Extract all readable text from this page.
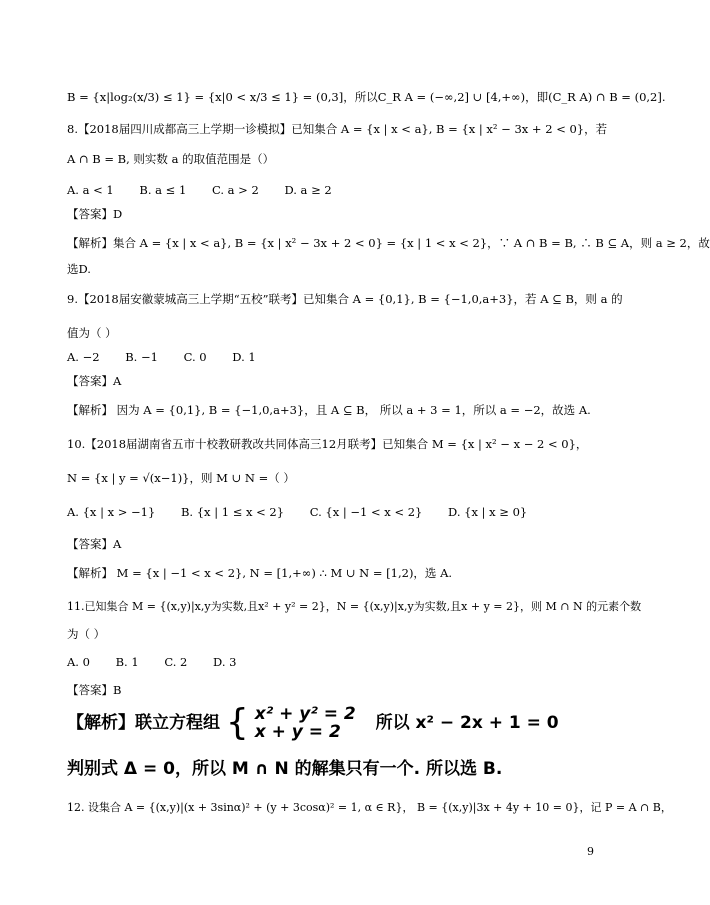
B = {x|log₂(x/3) ≤ 1} = {x|0 < x/3 ≤ 1} = (0,3]，所以C_R A = (−∞,2] ∪ [4,+∞)，即(C_R A) ∩ B = (0,2].
8.【2018届四川成都高三上学期一诊模拟】已知集合 A = {x | x < a}, B = {x | x² − 3x + 2 < 0}，若
A ∩ B = B, 则实数 a 的取值范围是（）
A. a < 1 B. a ≤ 1 C. a > 2 D. a ≥ 2
【答案】D
【解析】集合 A = {x | x < a}, B = {x | x² − 3x + 2 < 0} = {x | 1 < x < 2}，∵ A ∩ B = B, ∴ B ⊆ A，则 a ≥ 2，故
选D.
9.【2018届安徽蒙城高三上学期“五校”联考】已知集合 A = {0,1}, B = {−1,0,a+3}，若 A ⊆ B，则 a 的
值为（ ）
A. −2 B. −1 C. 0 D. 1
【答案】A
【解析】 因为 A = {0,1}, B = {−1,0,a+3}，且 A ⊆ B， 所以 a + 3 = 1，所以 a = −2，故选 A.
10.【2018届湖南省五市十校教研教改共同体高三12月联考】已知集合 M = {x | x² − x − 2 < 0}，
N = {x | y = √(x−1)}，则 M ∪ N =（ ）
A. {x | x > −1} B. {x | 1 ≤ x < 2} C. {x | −1 < x < 2} D. {x | x ≥ 0}
【答案】A
【解析】 M = {x | −1 < x < 2}, N = [1,+∞) ∴ M ∪ N = [1,2)，选 A.
11.已知集合 M = {(x,y)|x,y为实数,且x² + y² = 2}，N = {(x,y)|x,y为实数,且x + y = 2}，则 M ∩ N 的元素个数
为（ ）
A. 0 B. 1 C. 2 D. 3
【答案】B
【解析】联立方程组 { x² + y² = 2
x + y = 2	所以 x² − 2x + 1 = 0
判别式 Δ = 0，所以 M ∩ N 的解集只有一个. 所以选 B.
12. 设集合 A = {(x,y)|(x + 3sinα)² + (y + 3cosα)² = 1, α ∈ R}， B = {(x,y)|3x + 4y + 10 = 0}，记 P = A ∩ B，
9
